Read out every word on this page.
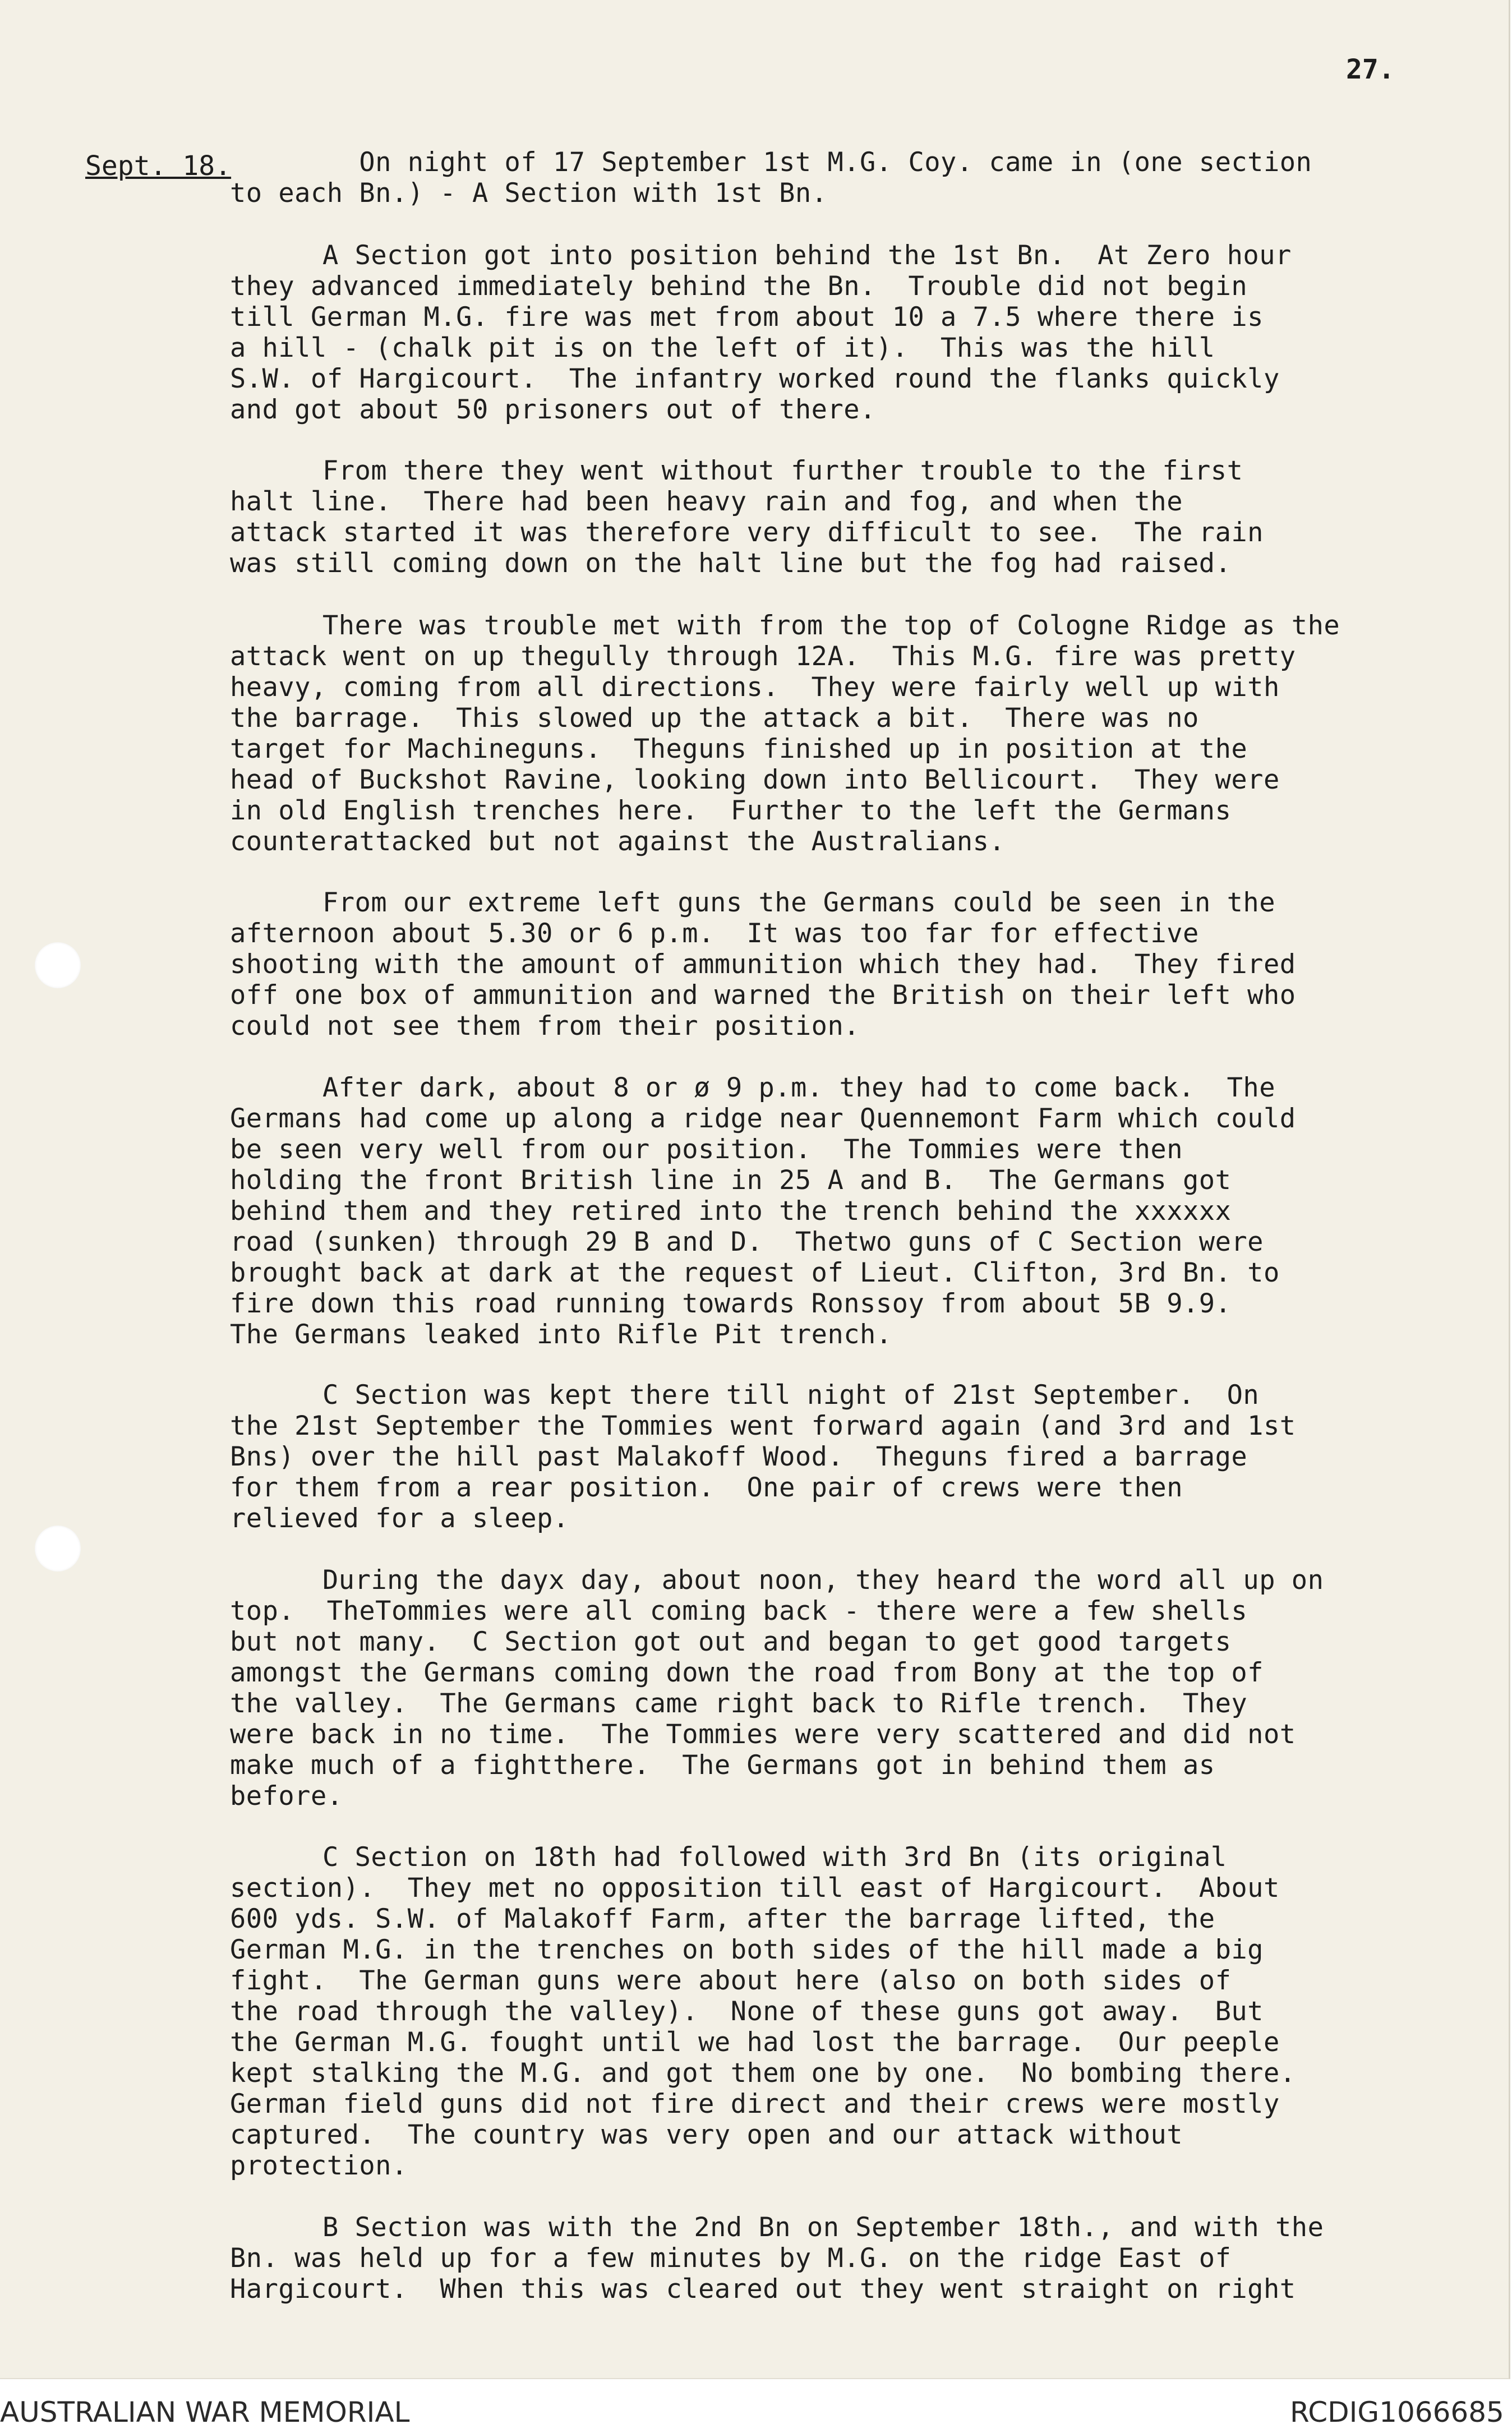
27.
Sept. 18.
On night of 17 September 1st M.G. Coy. came in (one section
to each Bn.) - A Section with 1st Bn.
A Section got into position behind the 1st Bn.  At Zero hour
they advanced immediately behind the Bn.  Trouble did not begin
till German M.G. fire was met from about 10 a 7.5 where there is
a hill - (chalk pit is on the left of it).  This was the hill
S.W. of Hargicourt.  The infantry worked round the flanks quickly
and got about 50 prisoners out of there.
From there they went without further trouble to the first
halt line.  There had been heavy rain and fog, and when the
attack started it was therefore very difficult to see.  The rain
was still coming down on the halt line but the fog had raised.
There was trouble met with from the top of Cologne Ridge as the
attack went on up thegully through 12A.  This M.G. fire was pretty
heavy, coming from all directions.  They were fairly well up with
the barrage.  This slowed up the attack a bit.  There was no
target for Machineguns.  Theguns finished up in position at the
head of Buckshot Ravine, looking down into Bellicourt.  They were
in old English trenches here.  Further to the left the Germans
counterattacked but not against the Australians.
From our extreme left guns the Germans could be seen in the
afternoon about 5.30 or 6 p.m.  It was too far for effective
shooting with the amount of ammunition which they had.  They fired
off one box of ammunition and warned the British on their left who
could not see them from their position.
After dark, about 8 or ø 9 p.m. they had to come back.  The
Germans had come up along a ridge near Quennemont Farm which could
be seen very well from our position.  The Tommies were then
holding the front British line in 25 A and B.  The Germans got
behind them and they retired into the trench behind the xxxxxx
road (sunken) through 29 B and D.  Thetwo guns of C Section were
brought back at dark at the request of Lieut. Clifton, 3rd Bn. to
fire down this road running towards Ronssoy from about 5B 9.9.
The Germans leaked into Rifle Pit trench.
C Section was kept there till night of 21st September.  On
the 21st September the Tommies went forward again (and 3rd and 1st
Bns) over the hill past Malakoff Wood.  Theguns fired a barrage
for them from a rear position.  One pair of crews were then
relieved for a sleep.
During the dayx day, about noon, they heard the word all up on
top.  TheTommies were all coming back - there were a few shells
but not many.  C Section got out and began to get good targets
amongst the Germans coming down the road from Bony at the top of
the valley.  The Germans came right back to Rifle trench.  They
were back in no time.  The Tommies were very scattered and did not
make much of a fightthere.  The Germans got in behind them as
before.
C Section on 18th had followed with 3rd Bn (its original
section).  They met no opposition till east of Hargicourt.  About
600 yds. S.W. of Malakoff Farm, after the barrage lifted, the
German M.G. in the trenches on both sides of the hill made a big
fight.  The German guns were about here (also on both sides of
the road through the valley).  None of these guns got away.  But
the German M.G. fought until we had lost the barrage.  Our peeple
kept stalking the M.G. and got them one by one.  No bombing there.
German field guns did not fire direct and their crews were mostly
captured.  The country was very open and our attack without
protection.
B Section was with the 2nd Bn on September 18th., and with the
Bn. was held up for a few minutes by M.G. on the ridge East of
Hargicourt.  When this was cleared out they went straight on right
AUSTRALIAN WAR MEMORIAL	RCDIG1066685
